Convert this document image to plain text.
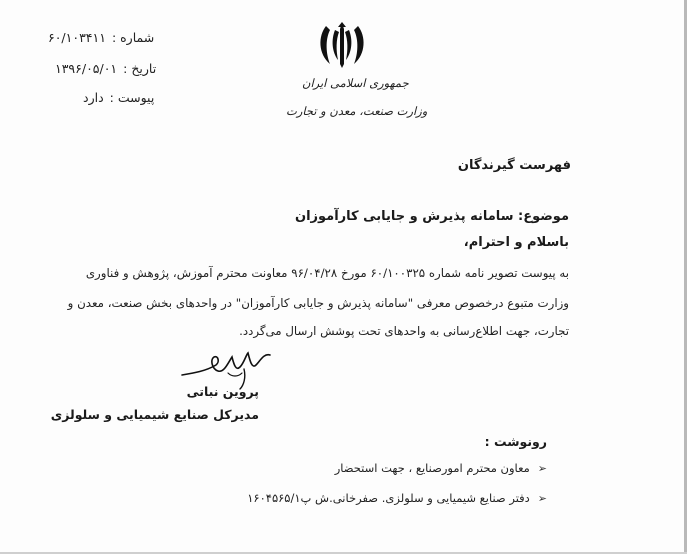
شماره :۶۰/۱۰۳۴۱۱
تاریخ :۱۳۹۶/۰۵/۰۱
پیوست :دارد
جمهوری اسلامی ایران
وزارت صنعت، معدن و تجارت
فهرست گیرندگان
موضوع: سامانه پذیرش و جایابی کارآموزان
باسلام و احترام،
به پیوست تصویر نامه شماره ۶۰/۱۰۰۳۲۵ مورخ ۹۶/۰۴/۲۸ معاونت محترم آموزش، پژوهش و فناوری
وزارت متبوع درخصوص معرفی "سامانه پذیرش و جایابی کارآموزان" در واحدهای بخش صنعت، معدن و
تجارت، جهت اطلاع‌رسانی به واحدهای تحت پوشش ارسال می‌گردد.
پروین نباتی
مدیرکل صنایع شیمیایی و سلولزی
رونوشت :
➢معاون محترم امورصنایع ، جهت استحضار
➢دفتر صنایع شیمیایی و سلولزی. صفرخانی.ش پ۱۶۰۴۵۶۵/۱
